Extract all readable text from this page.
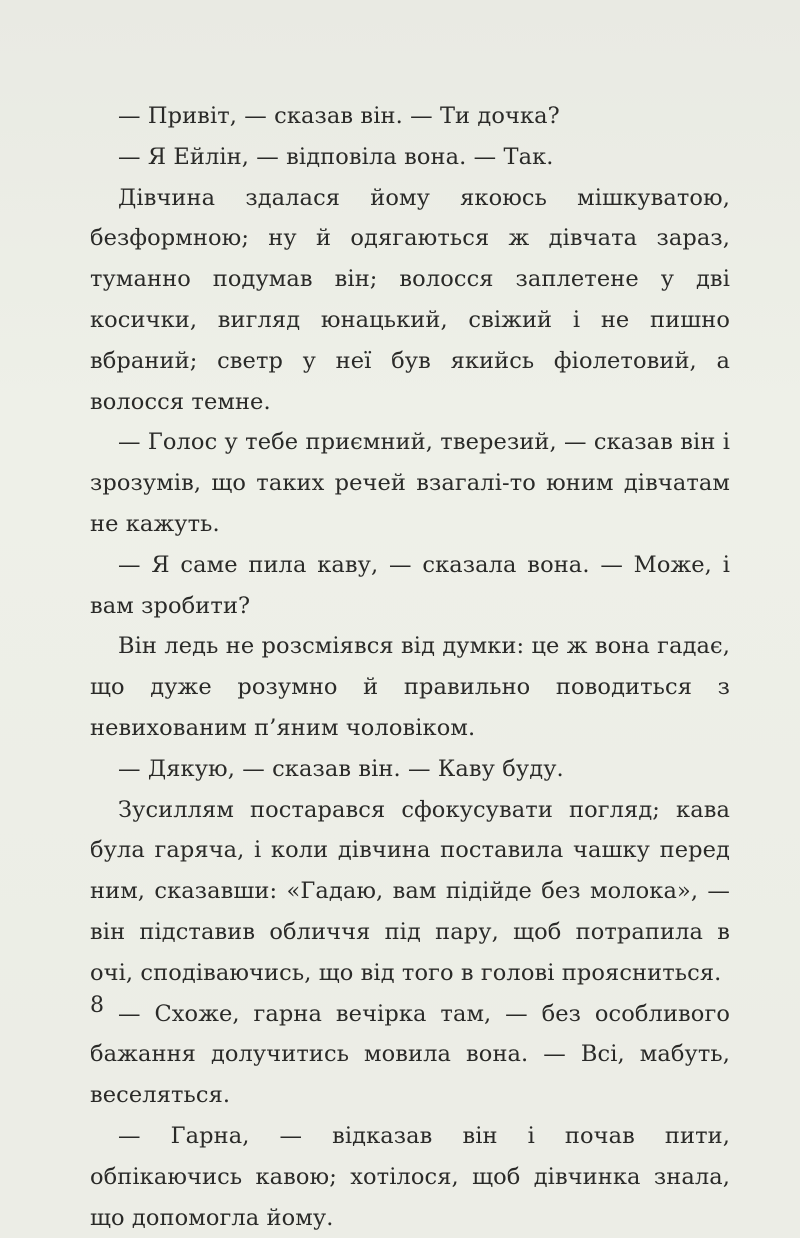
— Привіт, — сказав він. — Ти дочка?

— Я Ейлін, — відповіла вона. — Так.

Дівчина здалася йому якоюсь мішкуватою, безформною; ну й одягаються ж дівчата зараз, туманно подумав він; волосся заплетене у дві косички, вигляд юнацький, свіжий і не пишно вбраний; светр у неї був якийсь фіолетовий, а волосся темне.

— Голос у тебе приємний, тверезий, — сказав він і зрозумів, що таких речей взагалі-то юним дівчатам не кажуть.

— Я саме пила каву, — сказала вона. — Може, і вам зробити?

Він ледь не розсміявся від думки: це ж вона гадає, що дуже розумно й правильно поводиться з невихованим п’яним чоловіком.

— Дякую, — сказав він. — Каву буду.

Зусиллям постарався сфокусувати погляд; кава була гаряча, і коли дівчина поставила чашку перед ним, сказавши: «Гадаю, вам підійде без молока», — він підставив обличчя під пару, щоб потрапила в очі, сподіваючись, що від того в голові проясниться.

— Схоже, гарна вечірка там, — без особливого бажання долучитись мовила вона. — Всі, мабуть, веселяться.

— Гарна, — відказав він і почав пити, обпікаючись кавою; хотілося, щоб дівчинка знала, що допомогла йому.

8
